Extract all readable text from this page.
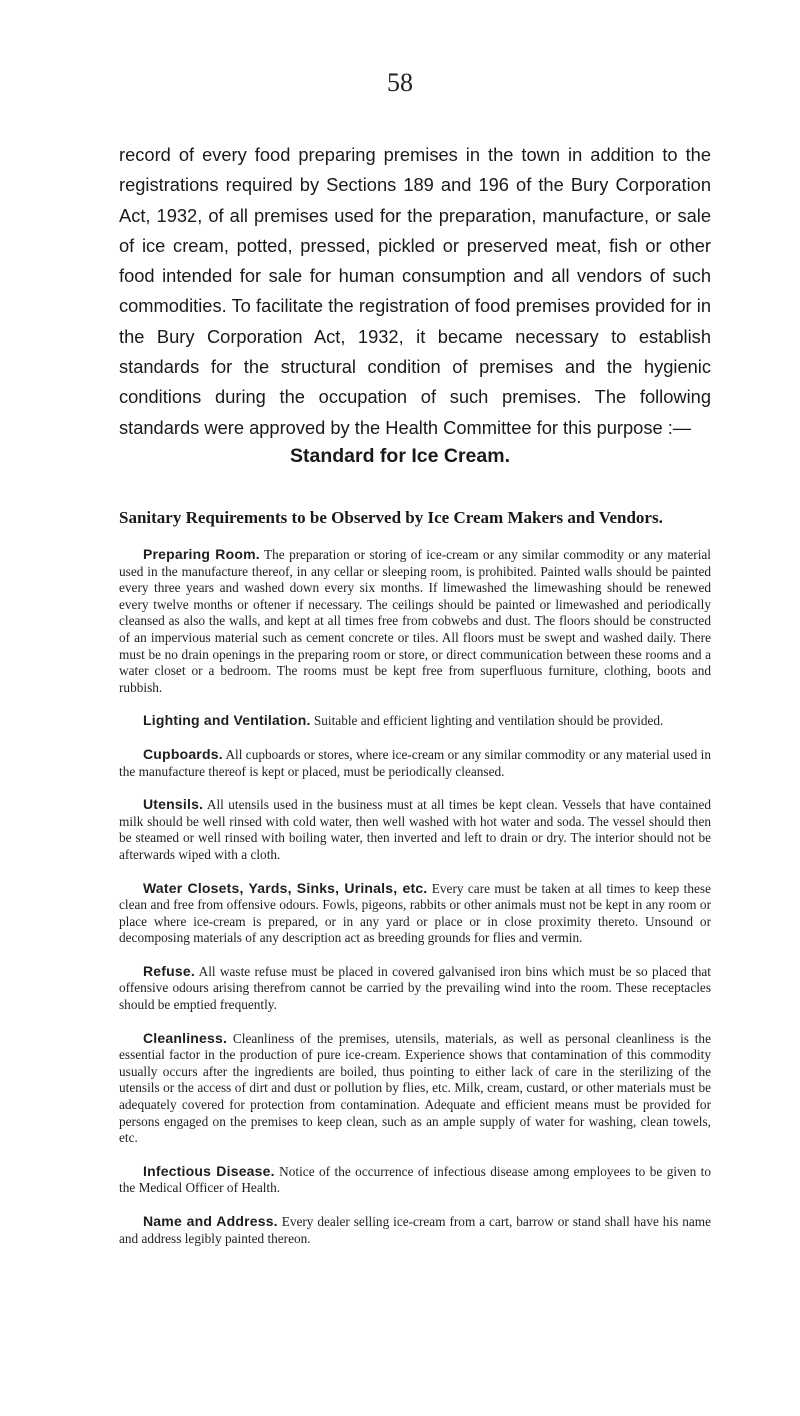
58

record of every food preparing premises in the town in addition to the registrations required by Sections 189 and 196 of the Bury Corporation Act, 1932, of all premises used for the preparation, manufacture, or sale of ice cream, potted, pressed, pickled or preserved meat, fish or other food intended for sale for human consumption and all vendors of such commodities. To facilitate the registration of food premises provided for in the Bury Corporation Act, 1932, it became necessary to establish standards for the structural condition of premises and the hygienic conditions during the occupation of such premises. The following standards were approved by the Health Committee for this purpose :—

Standard for Ice Cream.
Sanitary Requirements to be Observed by Ice Cream Makers and Vendors.

Preparing Room. The preparation or storing of ice-cream or any similar commodity or any material used in the manufacture thereof, in any cellar or sleeping room, is prohibited. Painted walls should be painted every three years and washed down every six months. If limewashed the limewashing should be renewed every twelve months or oftener if necessary. The ceilings should be painted or limewashed and periodically cleansed as also the walls, and kept at all times free from cobwebs and dust. The floors should be constructed of an impervious material such as cement concrete or tiles. All floors must be swept and washed daily. There must be no drain openings in the preparing room or store, or direct communication between these rooms and a water closet or a bedroom. The rooms must be kept free from superfluous furniture, clothing, boots and rubbish.

Lighting and Ventilation. Suitable and efficient lighting and ventilation should be provided.

Cupboards. All cupboards or stores, where ice-cream or any similar commodity or any material used in the manufacture thereof is kept or placed, must be periodically cleansed.

Utensils. All utensils used in the business must at all times be kept clean. Vessels that have contained milk should be well rinsed with cold water, then well washed with hot water and soda. The vessel should then be steamed or well rinsed with boiling water, then inverted and left to drain or dry. The interior should not be afterwards wiped with a cloth.

Water Closets, Yards, Sinks, Urinals, etc. Every care must be taken at all times to keep these clean and free from offensive odours. Fowls, pigeons, rabbits or other animals must not be kept in any room or place where ice-cream is prepared, or in any yard or place or in close proximity thereto. Unsound or decomposing materials of any description act as breeding grounds for flies and vermin.

Refuse. All waste refuse must be placed in covered galvanised iron bins which must be so placed that offensive odours arising therefrom cannot be carried by the prevailing wind into the room. These receptacles should be emptied frequently.

Cleanliness. Cleanliness of the premises, utensils, materials, as well as personal cleanliness is the essential factor in the production of pure ice-cream. Experience shows that contamination of this commodity usually occurs after the ingredients are boiled, thus pointing to either lack of care in the sterilizing of the utensils or the access of dirt and dust or pollution by flies, etc. Milk, cream, custard, or other materials must be adequately covered for protection from contamination. Adequate and efficient means must be provided for persons engaged on the premises to keep clean, such as an ample supply of water for washing, clean towels, etc.

Infectious Disease. Notice of the occurrence of infectious disease among employees to be given to the Medical Officer of Health.

Name and Address. Every dealer selling ice-cream from a cart, barrow or stand shall have his name and address legibly painted thereon.
